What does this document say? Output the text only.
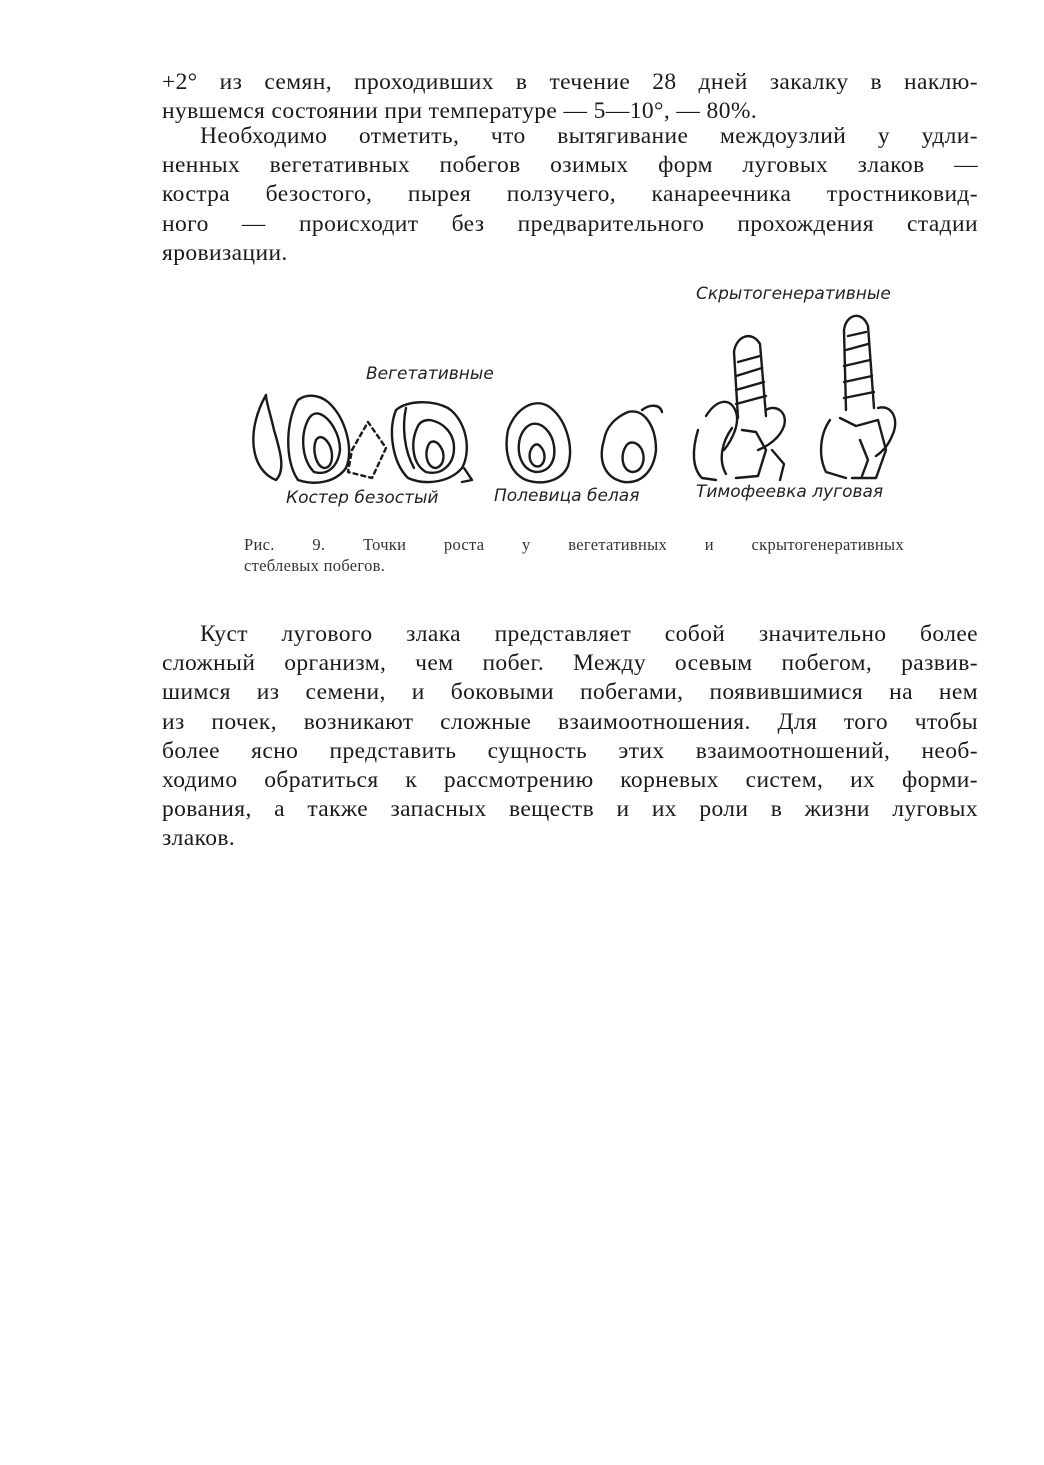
+2° из семян, проходивших в течение 28 дней закалку в наклю-
нувшемся состоянии при температуре — 5—10°, — 80%.
Необходимо отметить, что вытягивание междоузлий у удли-
ненных вегетативных побегов озимых форм луговых злаков —
костра безостого, пырея ползучего, канареечника тростниковид-
ного — происходит без предварительного прохождения стадии
яровизации.
Скрытогенеративные
Вегетативные
Костер безостый	Полевица белая	Тимофеевка луговая
Рис. 9. Точки роста у вегетативных и скрытогенеративных
стеблевых побегов.
Куст лугового злака представляет собой значительно более
сложный организм, чем побег. Между осевым побегом, развив-
шимся из семени, и боковыми побегами, появившимися на нем
из почек, возникают сложные взаимоотношения. Для того чтобы
более ясно представить сущность этих взаимоотношений, необ-
ходимо обратиться к рассмотрению корневых систем, их форми-
рования, а также запасных веществ и их роли в жизни луговых
злаков.
